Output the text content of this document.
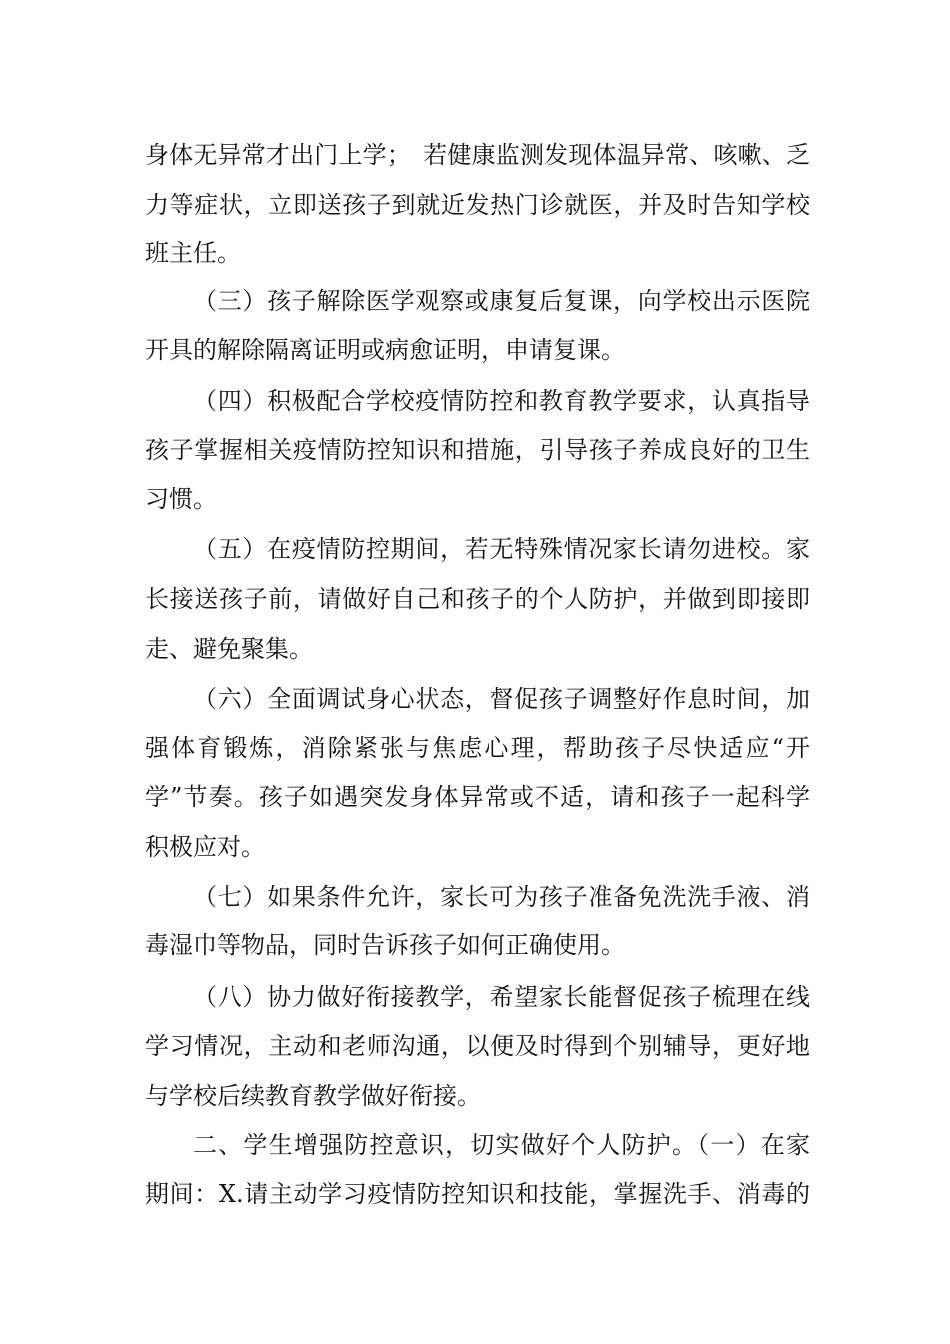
身体无异常才出门上学；　若健康监测发现体温异常、咳嗽、乏
力等症状，立即送孩子到就近发热门诊就医，并及时告知学校
班主任。
（三）孩子解除医学观察或康复后复课，向学校出示医院
开具的解除隔离证明或病愈证明，申请复课。
（四）积极配合学校疫情防控和教育教学要求，认真指导
孩子掌握相关疫情防控知识和措施，引导孩子养成良好的卫生
习惯。
（五）在疫情防控期间，若无特殊情况家长请勿进校。家
长接送孩子前，请做好自己和孩子的个人防护，并做到即接即
走、避免聚集。
（六）全面调试身心状态，督促孩子调整好作息时间，加
强体育锻炼，消除紧张与焦虑心理，帮助孩子尽快适应“开
学”节奏。孩子如遇突发身体异常或不适，请和孩子一起科学
积极应对。
（七）如果条件允许，家长可为孩子准备免洗洗手液、消
毒湿巾等物品，同时告诉孩子如何正确使用。
（八）协力做好衔接教学，希望家长能督促孩子梳理在线
学习情况，主动和老师沟通，以便及时得到个别辅导，更好地
与学校后续教育教学做好衔接。
二、学生增强防控意识，切实做好个人防护。（一）在家
期间：X.请主动学习疫情防控知识和技能，掌握洗手、消毒的
